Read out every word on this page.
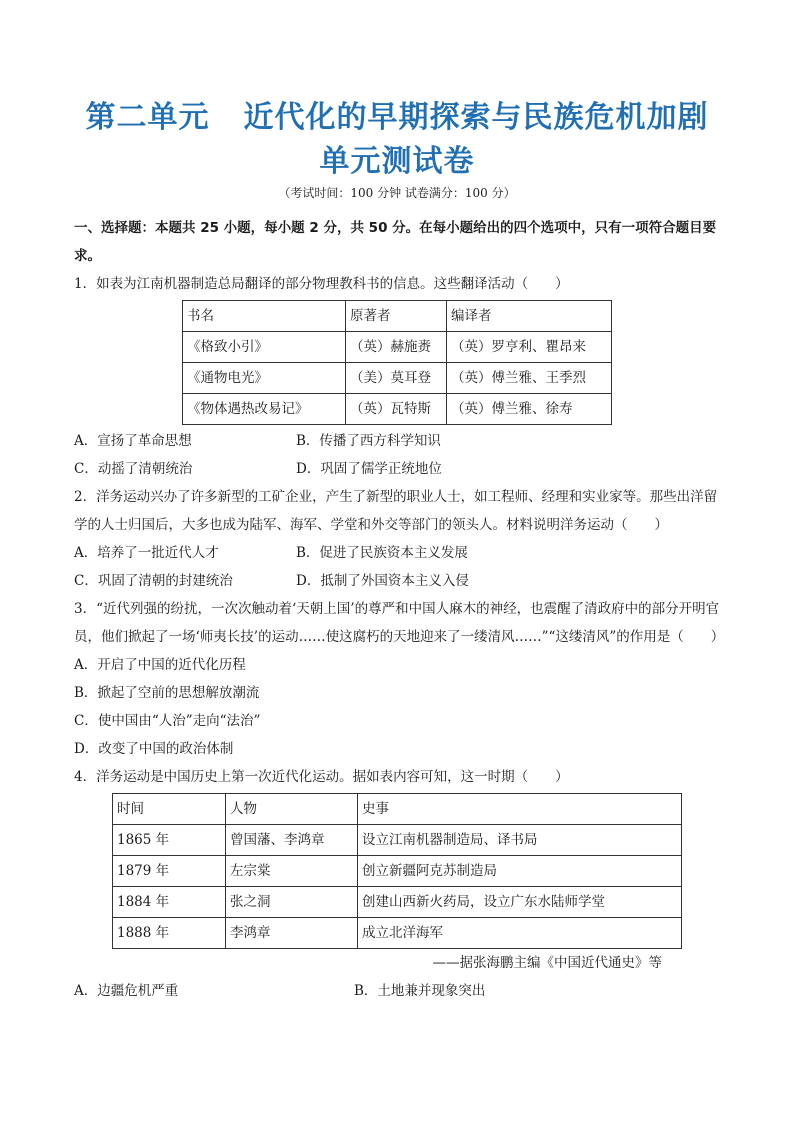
第二单元 近代化的早期探索与民族危机加剧
单元测试卷
（考试时间：100 分钟 试卷满分：100 分）

一、选择题：本题共 25 小题，每小题 2 分，共 50 分。在每小题给出的四个选项中，只有一项符合题目要求。

1．如表为江南机器制造总局翻译的部分物理教科书的信息。这些翻译活动（　　）

书名	原著者	编译者
《格致小引》	（英）赫施赉	（英）罗亨利、瞿昂来
《通物电光》	（美）莫耳登	（英）傅兰雅、王季烈
《物体遇热改易记》	（英）瓦特斯	（英）傅兰雅、徐寿
A．宣扬了革命思想	B．传播了西方科学知识
C．动摇了清朝统治	D．巩固了儒学正统地位

2．洋务运动兴办了许多新型的工矿企业，产生了新型的职业人士，如工程师、经理和实业家等。那些出洋留学的人士归国后，大多也成为陆军、海军、学堂和外交等部门的领头人。材料说明洋务运动（　　）

A．培养了一批近代人才	B．促进了民族资本主义发展
C．巩固了清朝的封建统治	D．抵制了外国资本主义入侵

3．“近代列强的纷扰，一次次触动着‘天朝上国’的尊严和中国人麻木的神经，也震醒了清政府中的部分开明官员，他们掀起了一场‘师夷长技’的运动……使这腐朽的天地迎来了一缕清风……”“这缕清风”的作用是（　　）

A．开启了中国的近代化历程

B．掀起了空前的思想解放潮流

C．使中国由“人治”走向“法治”

D．改变了中国的政治体制

4．洋务运动是中国历史上第一次近代化运动。据如表内容可知，这一时期（　　）

时间	人物	史事
1865 年	曾国藩、李鸿章	设立江南机器制造局、译书局
1879 年	左宗棠	创立新疆阿克苏制造局
1884 年	张之洞	创建山西新火药局，设立广东水陆师学堂
1888 年	李鸿章	成立北洋海军

——据张海鹏主编《中国近代通史》等

A．边疆危机严重	B．土地兼并现象突出
